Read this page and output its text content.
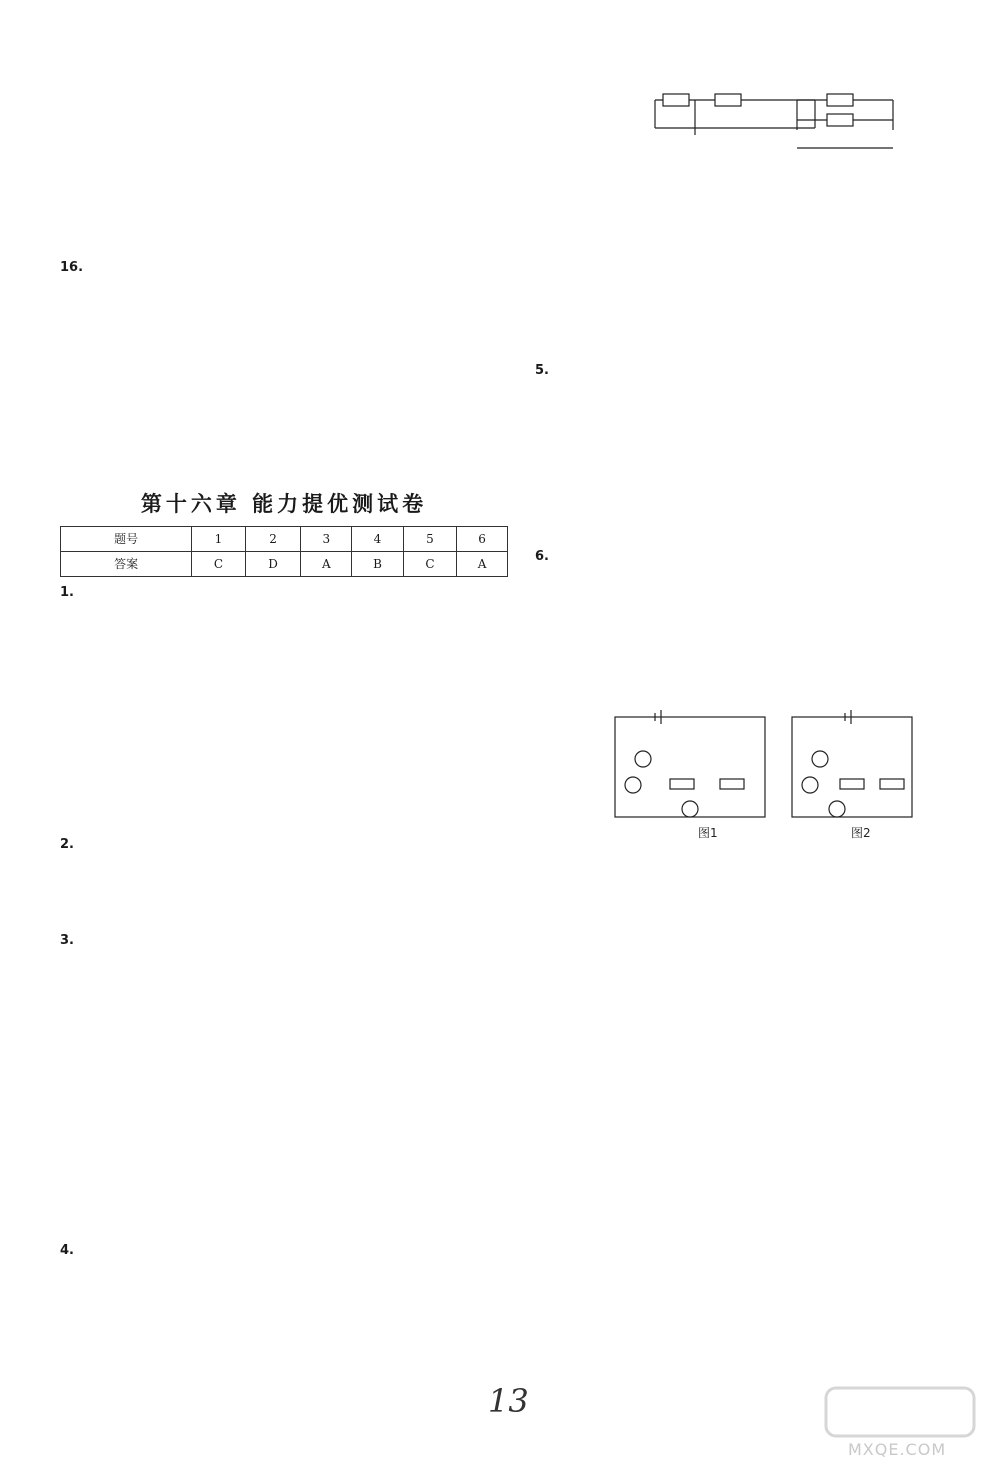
16.

第十六章 能力提优测试卷
题号	1	2	3	4	5	6
答案	C	D	A	B	C	A

1.

2.

3.

4.

5.

6.

图1	图2

13
MXQE.COM
